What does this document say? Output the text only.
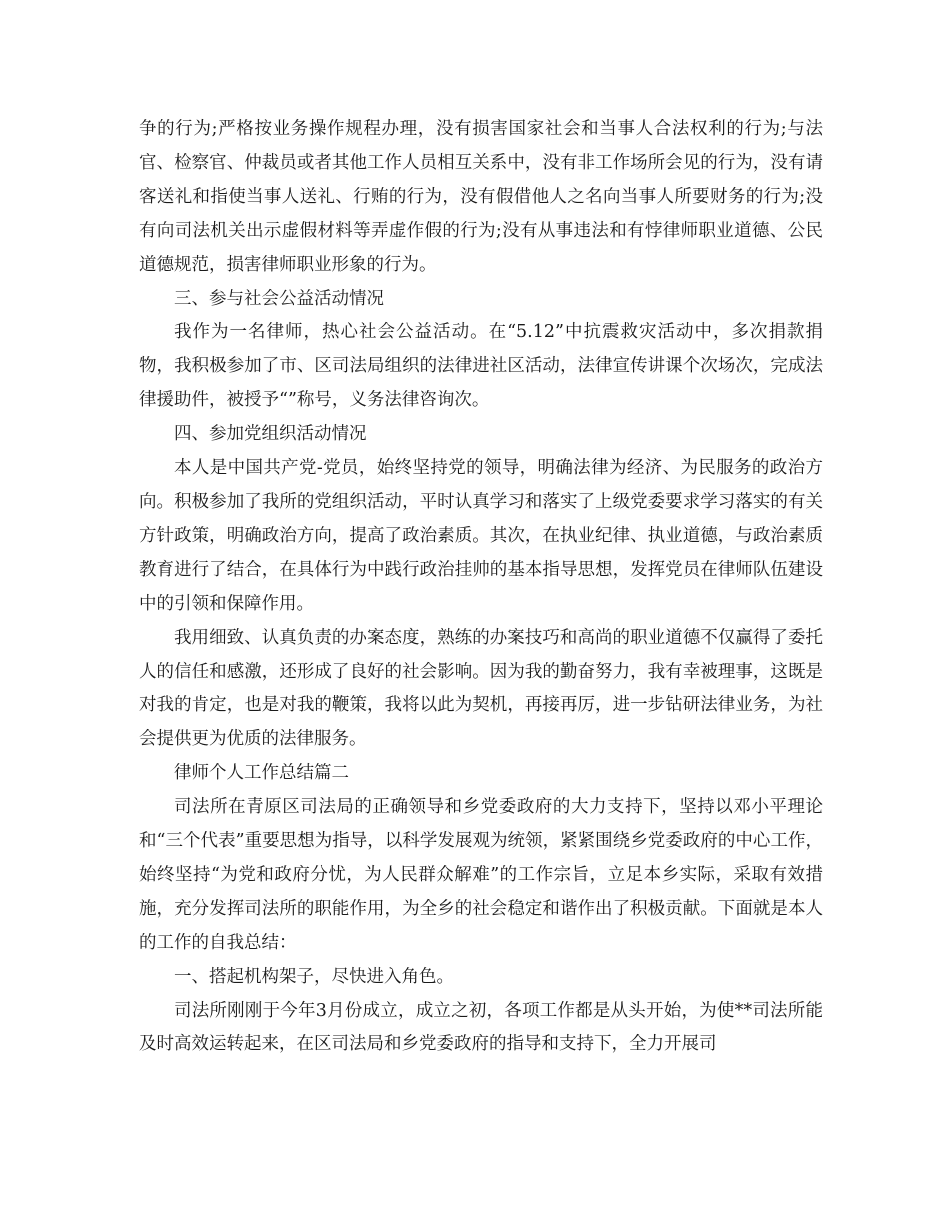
争的行为;严格按业务操作规程办理，没有损害国家社会和当事人合法权利的行为;与法官、检察官、仲裁员或者其他工作人员相互关系中，没有非工作场所会见的行为，没有请客送礼和指使当事人送礼、行贿的行为，没有假借他人之名向当事人所要财务的行为;没有向司法机关出示虚假材料等弄虚作假的行为;没有从事违法和有悖律师职业道德、公民道德规范，损害律师职业形象的行为。

三、参与社会公益活动情况

我作为一名律师，热心社会公益活动。在“5.12”中抗震救灾活动中，多次捐款捐物，我积极参加了市、区司法局组织的法律进社区活动，法律宣传讲课个次场次，完成法律援助件，被授予“”称号，义务法律咨询次。

四、参加党组织活动情况

本人是中国共产党-党员，始终坚持党的领导，明确法律为经济、为民服务的政治方向。积极参加了我所的党组织活动，平时认真学习和落实了上级党委要求学习落实的有关方针政策，明确政治方向，提高了政治素质。其次，在执业纪律、执业道德，与政治素质教育进行了结合，在具体行为中践行政治挂帅的基本指导思想，发挥党员在律师队伍建设中的引领和保障作用。

我用细致、认真负责的办案态度，熟练的办案技巧和高尚的职业道德不仅赢得了委托人的信任和感激，还形成了良好的社会影响。因为我的勤奋努力，我有幸被理事，这既是对我的肯定，也是对我的鞭策，我将以此为契机，再接再厉，进一步钻研法律业务，为社会提供更为优质的法律服务。

律师个人工作总结篇二

司法所在青原区司法局的正确领导和乡党委政府的大力支持下，坚持以邓小平理论和“三个代表”重要思想为指导，以科学发展观为统领，紧紧围绕乡党委政府的中心工作，始终坚持“为党和政府分忧，为人民群众解难”的工作宗旨，立足本乡实际，采取有效措施，充分发挥司法所的职能作用，为全乡的社会稳定和谐作出了积极贡献。下面就是本人的工作的自我总结：

一、搭起机构架子，尽快进入角色。

司法所刚刚于今年3月份成立，成立之初，各项工作都是从头开始，为使**司法所能及时高效运转起来，在区司法局和乡党委政府的指导和支持下，全力开展司
